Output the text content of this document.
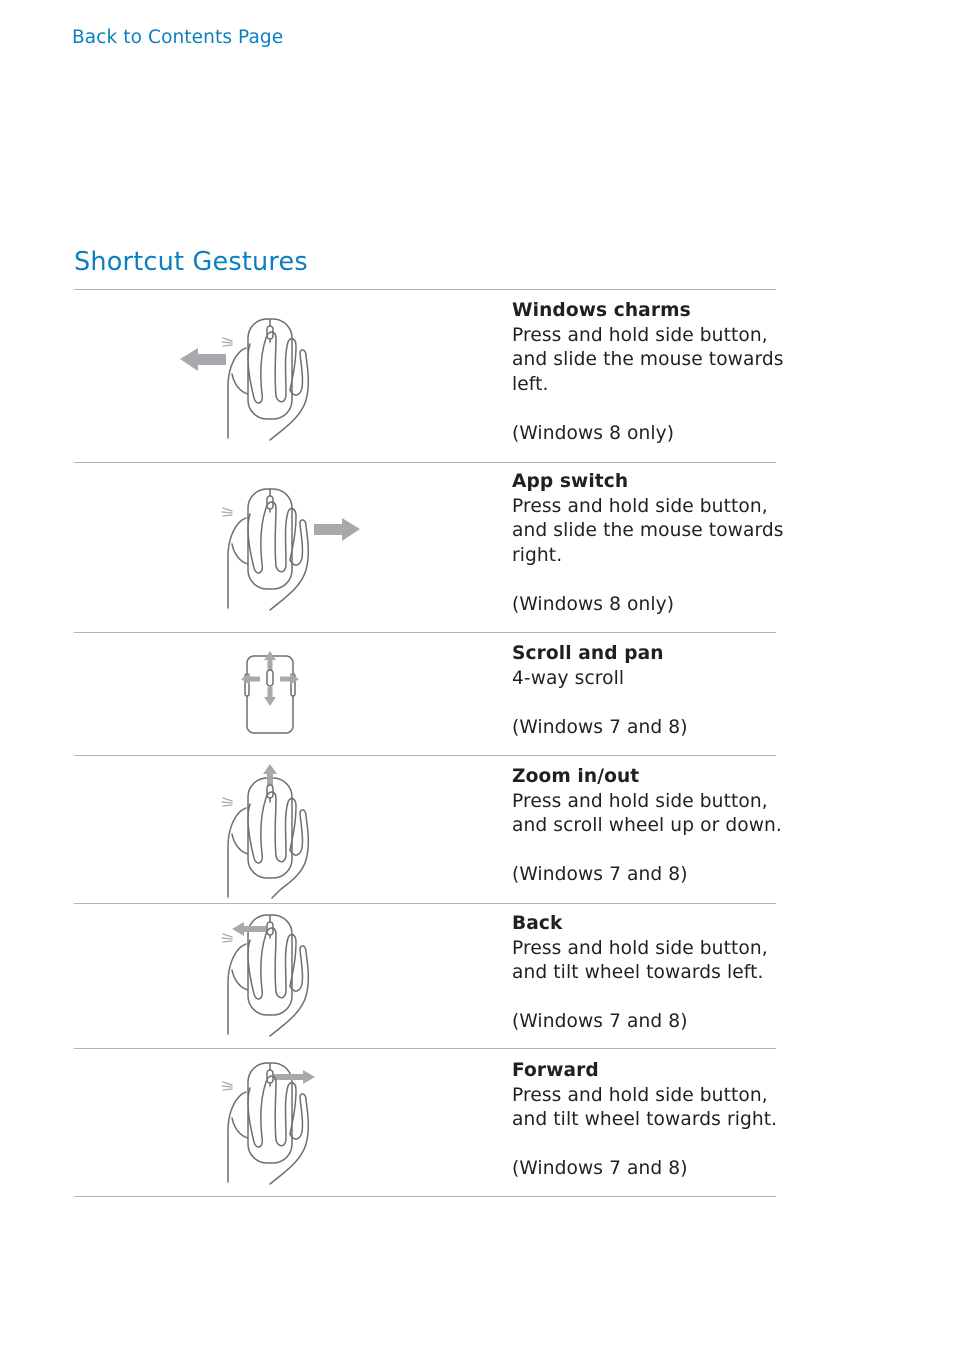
Back to Contents Page
Shortcut Gestures
Windows charms
Press and hold side button,
and slide the mouse towards
left.
(Windows 8 only)
App switch
Press and hold side button,
and slide the mouse towards
right.
(Windows 8 only)
Scroll and pan
4-way scroll
(Windows 7 and 8)
Zoom in/out
Press and hold side button,
and scroll wheel up or down.
(Windows 7 and 8)
Back
Press and hold side button,
and tilt wheel towards left.
(Windows 7 and 8)
Forward
Press and hold side button,
and tilt wheel towards right.
(Windows 7 and 8)
